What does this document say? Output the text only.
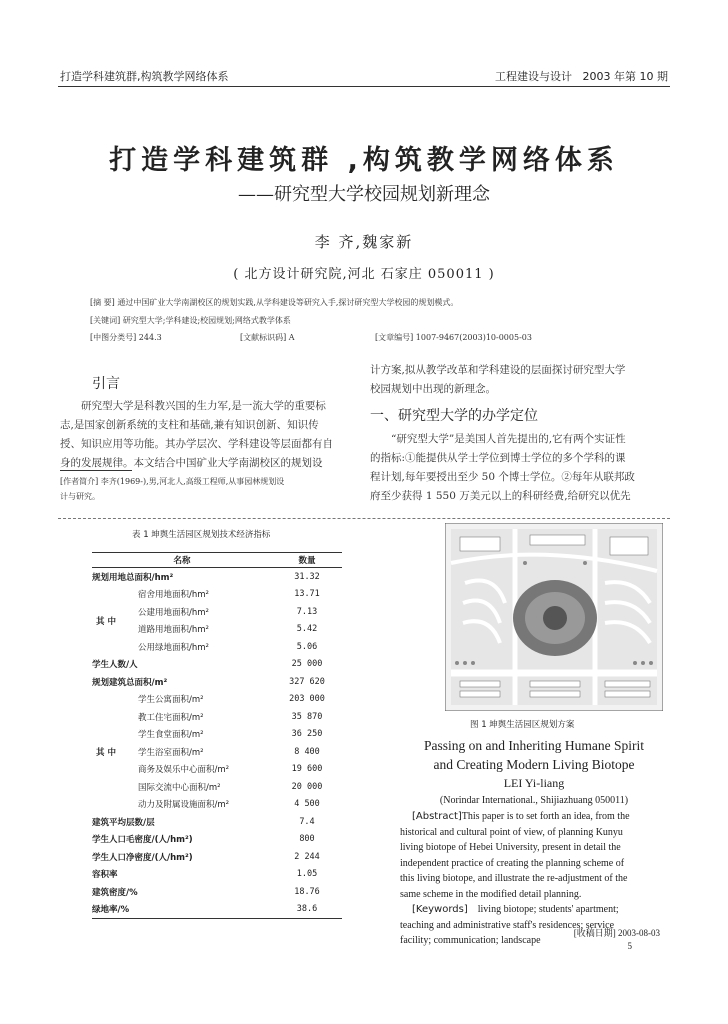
打造学科建筑群,构筑教学网络体系	工程建设与设计 2003 年第 10 期
打造学科建筑群 ,构筑教学网络体系
——研究型大学校园规划新理念
李 齐,魏家新
( 北方设计研究院,河北 石家庄 050011 )
[摘 要] 通过中国矿业大学南湖校区的规划实践,从学科建设等研究入手,探讨研究型大学校园的规划模式。
[关键词] 研究型大学;学科建设;校园规划;网络式教学体系
[中图分类号] 244.3	[文献标识码] A	[文章编号] 1007-9467(2003)10-0005-03
引言
研究型大学是科教兴国的生力军,是一流大学的重要标
志,是国家创新系统的支柱和基础,兼有知识创新、知识传
授、知识应用等功能。其办学层次、学科建设等层面都有自
身的发展规律。本文结合中国矿业大学南湖校区的规划设
[作者简介] 李齐(1969-),男,河北人,高级工程师,从事园林规划设
计与研究。
计方案,拟从教学改革和学科建设的层面探讨研究型大学
校园规划中出现的新理念。
一、研究型大学的办学定位
“研究型大学”是美国人首先提出的,它有两个实证性
的指标:①能提供从学士学位到博士学位的多个学科的课
程计划,每年要授出至少 50 个博士学位。②每年从联邦政
府至少获得 1 550 万美元以上的科研经费,给研究以优先
表 1 坤舆生活园区规划技术经济指标
名称		数量
规划用地总面积/hm²		31.32
其 中	宿舍用地面积/hm²	13.71
	公建用地面积/hm²	7.13
	道路用地面积/hm²	5.42
	公用绿地面积/hm²	5.06
学生人数/人		25 000
规划建筑总面积/m²		327 620
其 中	学生公寓面积/m²	203 000
	教工住宅面积/m²	35 870
	学生食堂面积/m²	36 250
	学生浴室面积/m²	8 400
	商务及娱乐中心面积/m²	19 600
	国际交流中心面积/m²	20 000
	动力及附属设施面积/m²	4 500
建筑平均层数/层		7.4
学生人口毛密度/(人/hm²)		800
学生人口净密度/(人/hm²)		2 244
容积率		1.05
建筑密度/%		18.76
绿地率/%		38.6
图 1 坤舆生活园区规划方案
Passing on and Inheriting Humane Spirit
and Creating Modern Living Biotope
LEI Yi-liang
(Norindar International., Shijiazhuang 050011)
[Abstract]This paper is to set forth an idea, from the
historical and cultural point of view, of planning Kunyu
living biotope of Hebei University, present in detail the
independent practice of creating the planning scheme of
this living biotope, and illustrate the re-adjustment of the
same scheme in the modified detail planning.
[Keywords] living biotope; students' apartment;
teaching and administrative staff's residences; service
facility; communication; landscape
[收稿日期] 2003-08-03
5
